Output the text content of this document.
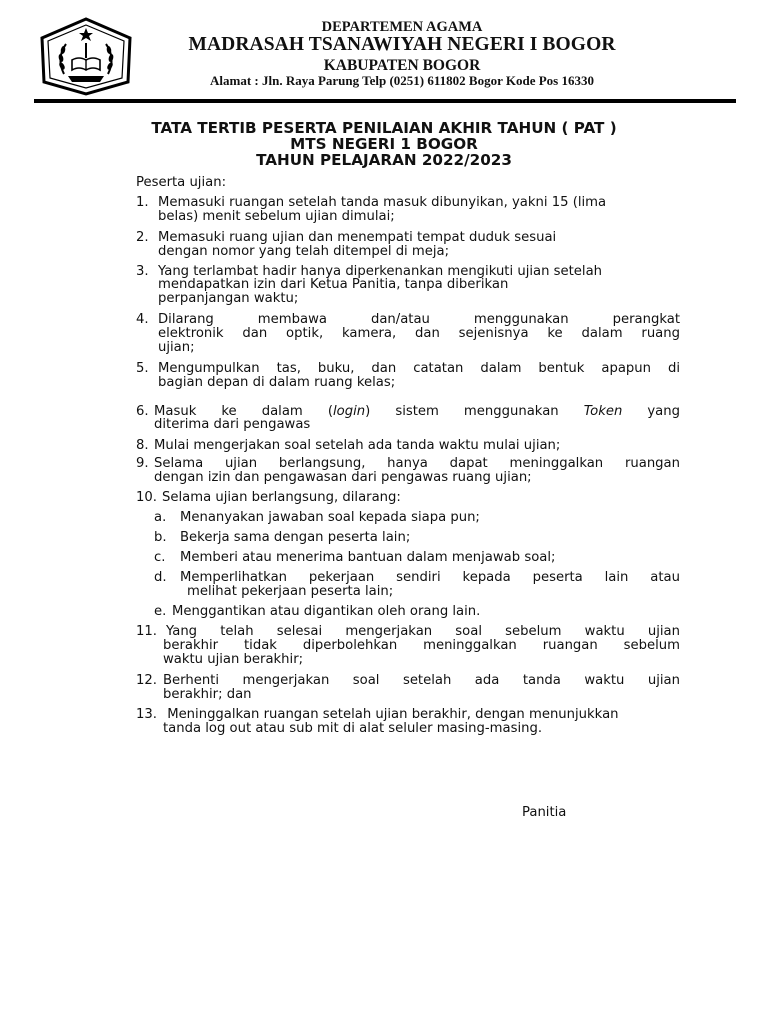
DEPARTEMEN AGAMA
MADRASAH TSANAWIYAH NEGERI I BOGOR
KABUPATEN BOGOR
Alamat : Jln. Raya Parung Telp (0251) 611802 Bogor Kode Pos 16330
TATA TERTIB PESERTA PENILAIAN AKHIR TAHUN ( PAT )
MTS NEGERI 1 BOGOR
TAHUN PELAJARAN 2022/2023
Peserta ujian:
1. Memasuki ruangan setelah tanda masuk dibunyikan, yakni 15 (lima
belas) menit sebelum ujian dimulai;
2. Memasuki ruang ujian dan menempati tempat duduk sesuai
dengan nomor yang telah ditempel di meja;
3. Yang terlambat hadir hanya diperkenankan mengikuti ujian setelah
mendapatkan izin dari Ketua Panitia, tanpa diberikan
perpanjangan waktu;
4. Dilarang membawa dan/atau menggunakan perangkat
elektronik dan optik, kamera, dan sejenisnya ke dalam ruang
ujian;
5. Mengumpulkan tas, buku, dan catatan dalam bentuk apapun di
bagian depan di dalam ruang kelas;
6. Masuk ke dalam (login) sistem menggunakan Token yang
diterima dari pengawas
8. Mulai mengerjakan soal setelah ada tanda waktu mulai ujian;
9. Selama ujian berlangsung, hanya dapat meninggalkan ruangan
dengan izin dan pengawasan dari pengawas ruang ujian;
10. Selama ujian berlangsung, dilarang:
a. Menanyakan jawaban soal kepada siapa pun;
b. Bekerja sama dengan peserta lain;
c. Memberi atau menerima bantuan dalam menjawab soal;
d. Memperlihatkan pekerjaan sendiri kepada peserta lain atau
melihat pekerjaan peserta lain;
e. Menggantikan atau digantikan oleh orang lain.
11. Yang telah selesai mengerjakan soal sebelum waktu ujian
berakhir tidak diperbolehkan meninggalkan ruangan sebelum
waktu ujian berakhir;
12. Berhenti mengerjakan soal setelah ada tanda waktu ujian
berakhir; dan
13. Meninggalkan ruangan setelah ujian berakhir, dengan menunjukkan
tanda log out atau sub mit di alat seluler masing-masing.
Panitia
